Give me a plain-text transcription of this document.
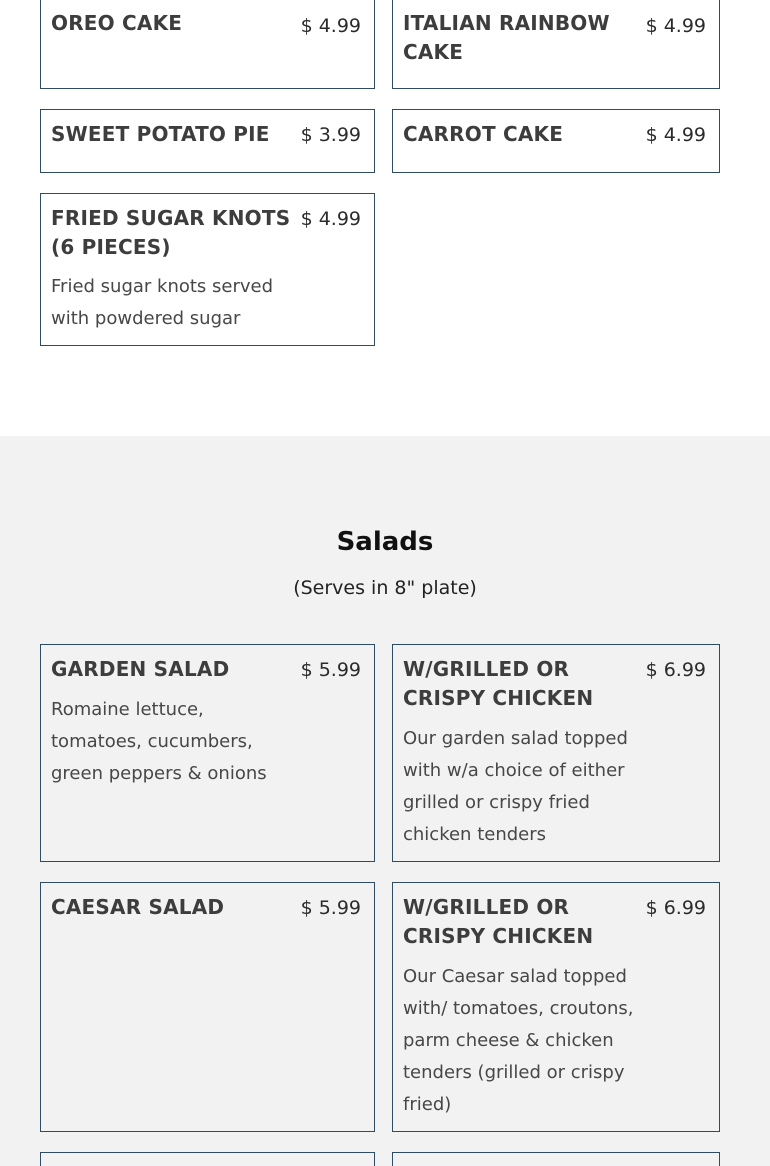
OREO CAKE	$ 4.99 ITALIAN RAINBOW CAKE
$ 4.99
SWEET POTATO PIE	$ 3.99 CARROT CAKE	$ 4.99
FRIED SUGAR KNOTS (6 PIECES)
$ 4.99
Fried sugar knots served with powdered sugar
Salads
(Serves in 8" plate)
GARDEN SALAD	$ 5.99
Romaine lettuce, tomatoes, cucumbers, green peppers & onions
W/GRILLED OR CRISPY CHICKEN
$ 6.99
Our garden salad topped with w/a choice of either grilled or crispy fried chicken tenders
CAESAR SALAD	$ 5.99 W/GRILLED OR CRISPY CHICKEN
$ 6.99
Our Caesar salad topped with/ tomatoes, croutons, parm cheese & chicken tenders (grilled or crispy fried)
